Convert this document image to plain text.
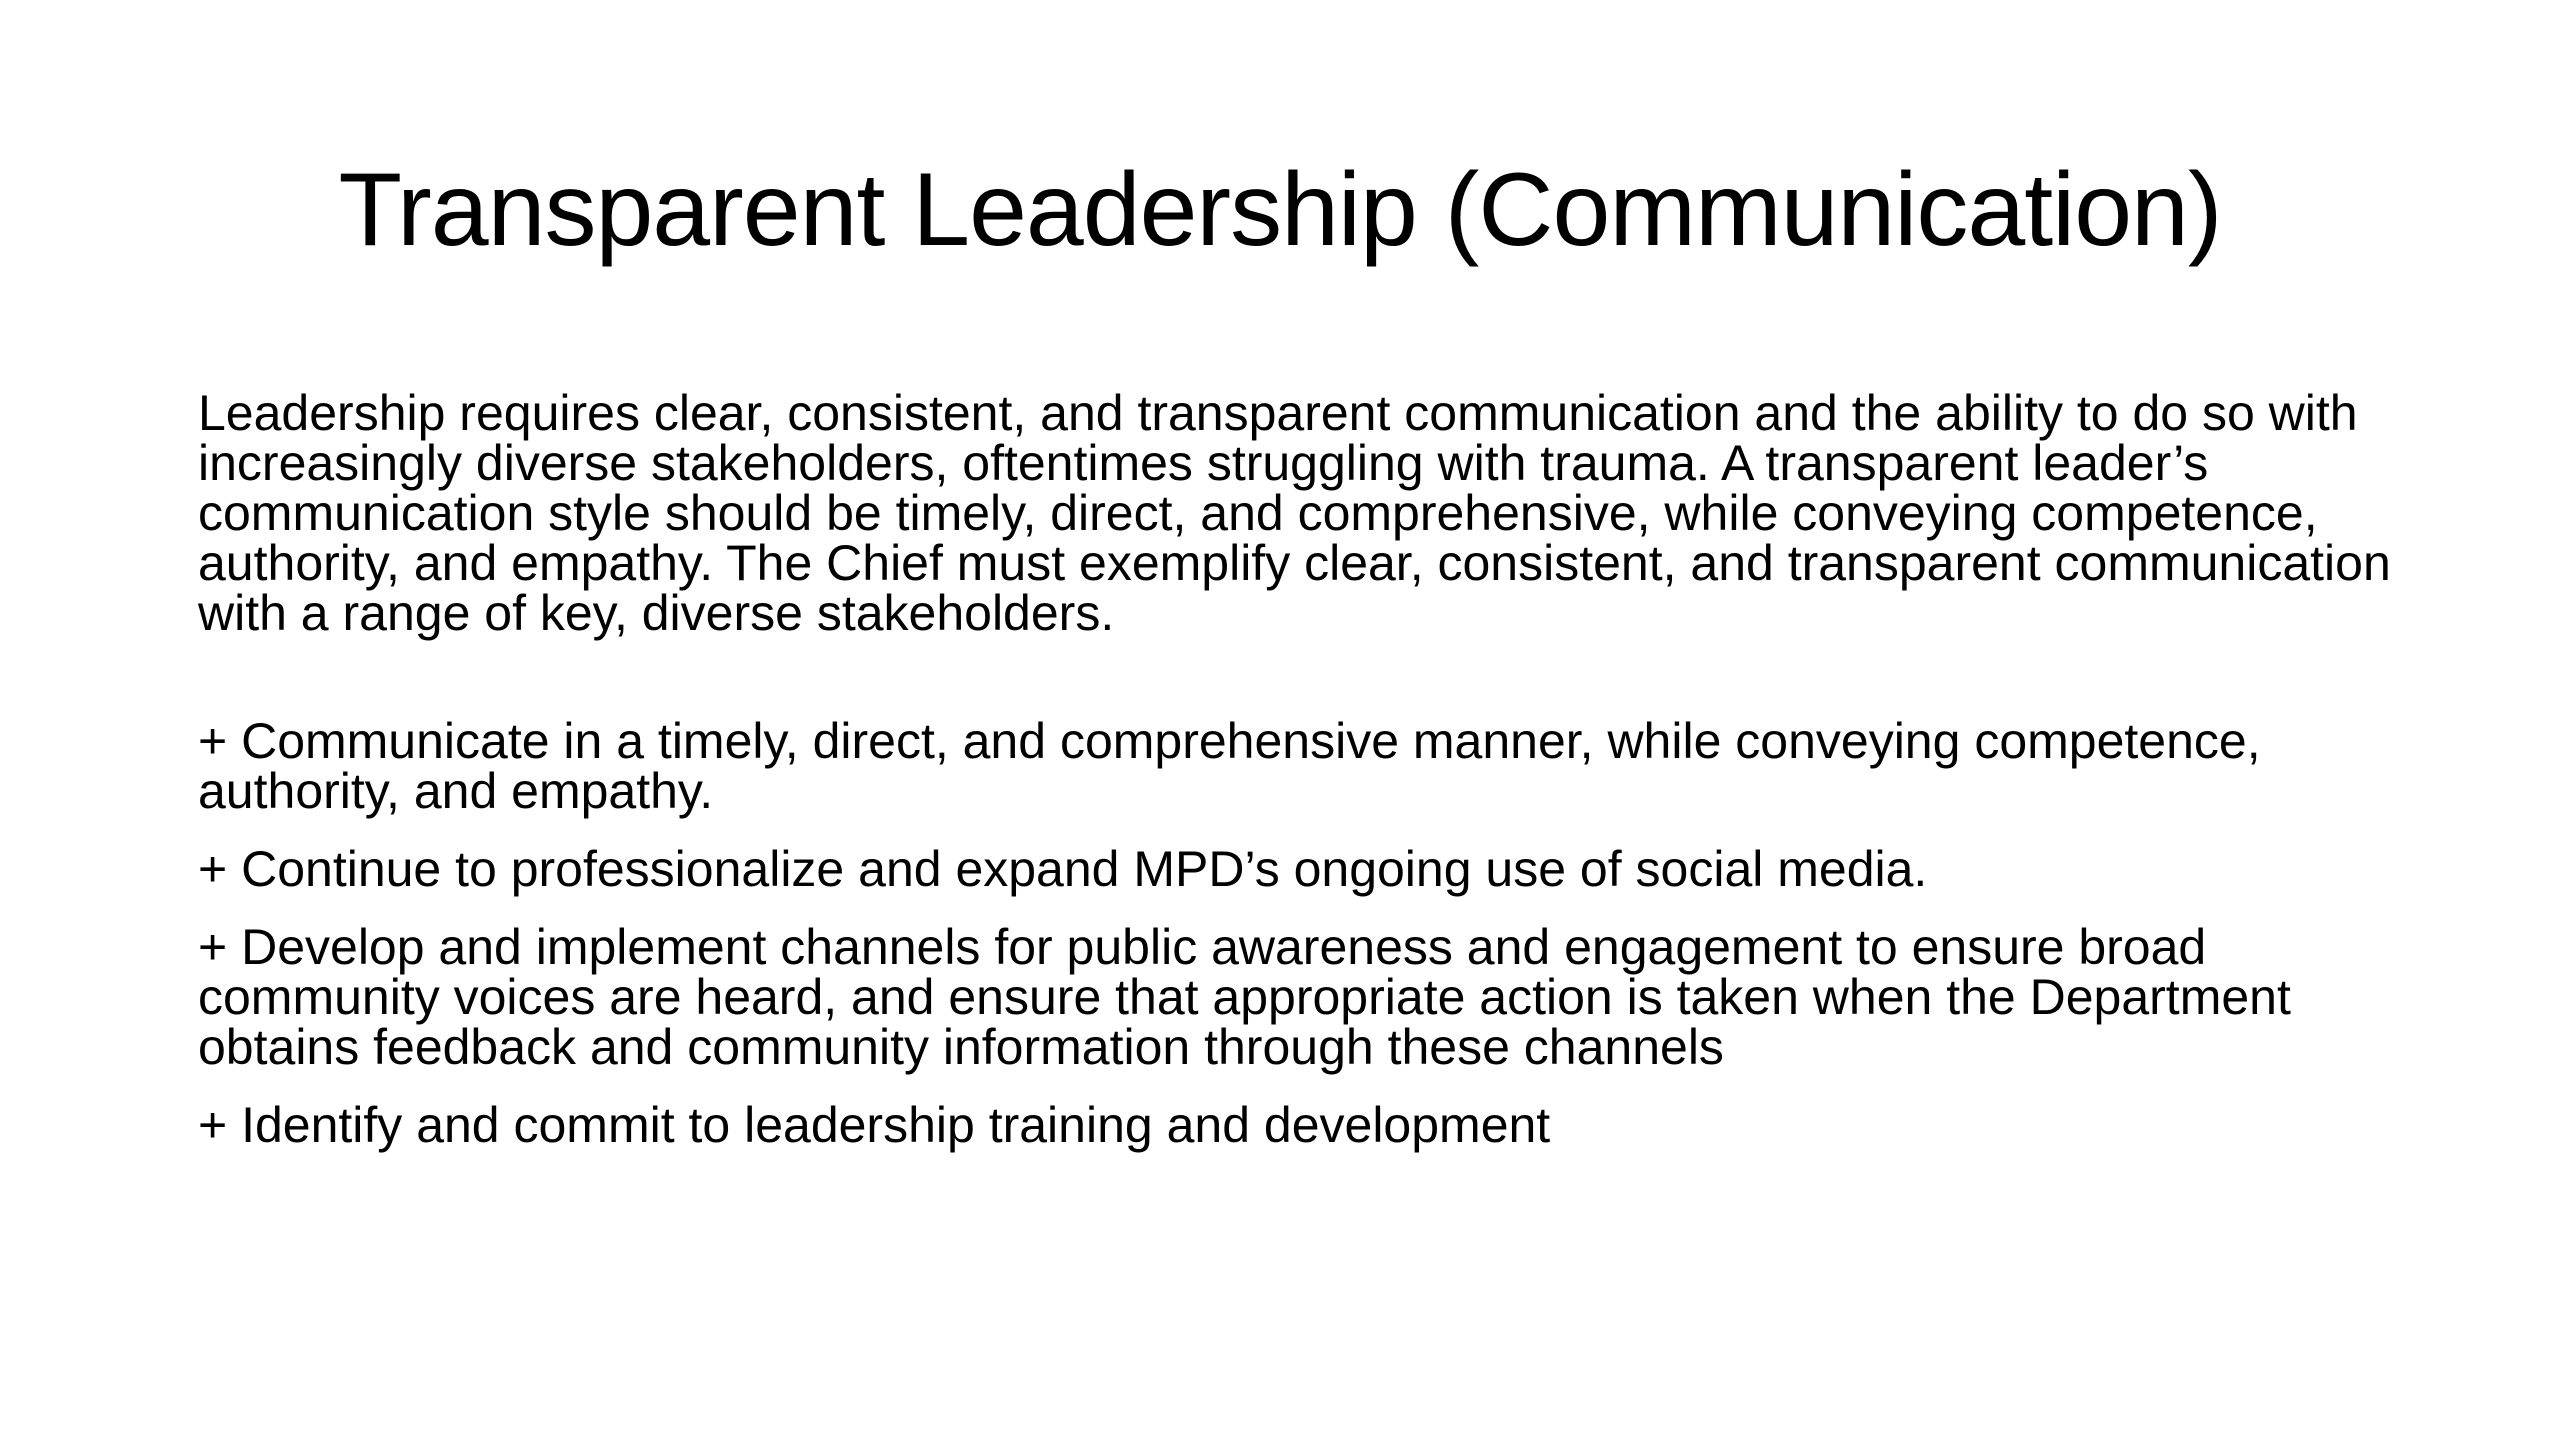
Transparent Leadership (Communication)

Leadership requires clear, consistent, and transparent communication and the ability to do so with increasingly diverse stakeholders, oftentimes struggling with trauma. A transparent leader’s communication style should be timely, direct, and comprehensive, while conveying competence, authority, and empathy. The Chief must exemplify clear, consistent, and transparent communication with a range of key, diverse stakeholders.

+ Communicate in a timely, direct, and comprehensive manner, while conveying competence, authority, and empathy.
+ Continue to professionalize and expand MPD’s ongoing use of social media.
+ Develop and implement channels for public awareness and engagement to ensure broad community voices are heard, and ensure that appropriate action is taken when the Department obtains feedback and community information through these channels
+ Identify and commit to leadership training and development
